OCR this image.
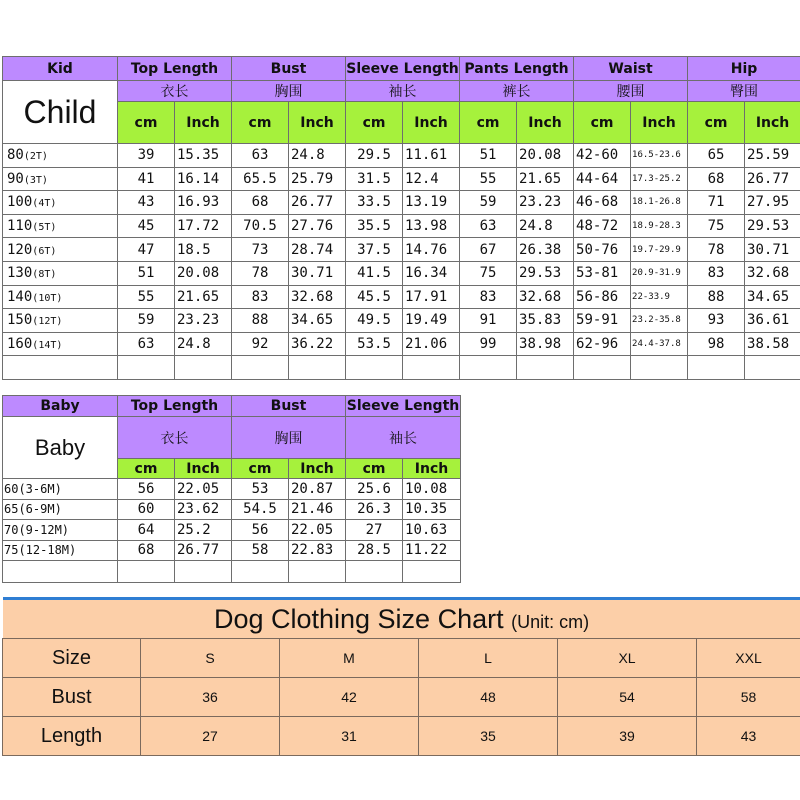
Kid	Top Length		Bust		Sleeve Length		Pants Length		Waist		Hip	
Child	衣长		胸围		袖长		裤长		腰围		臀围	
	cm	Inch	cm	Inch	cm	Inch	cm	Inch	cm	Inch	cm	Inch
80(2T)	39	15.35	63	24.8	29.5	11.61	51	20.08	42-60	16.5-23.6	65	25.59
90(3T)	41	16.14	65.5	25.79	31.5	12.4	55	21.65	44-64	17.3-25.2	68	26.77
100(4T)	43	16.93	68	26.77	33.5	13.19	59	23.23	46-68	18.1-26.8	71	27.95
110(5T)	45	17.72	70.5	27.76	35.5	13.98	63	24.8	48-72	18.9-28.3	75	29.53
120(6T)	47	18.5	73	28.74	37.5	14.76	67	26.38	50-76	19.7-29.9	78	30.71
130(8T)	51	20.08	78	30.71	41.5	16.34	75	29.53	53-81	20.9-31.9	83	32.68
140(10T)	55	21.65	83	32.68	45.5	17.91	83	32.68	56-86	22-33.9	88	34.65
150(12T)	59	23.23	88	34.65	49.5	19.49	91	35.83	59-91	23.2-35.8	93	36.61
160(14T)	63	24.8	92	36.22	53.5	21.06	99	38.98	62-96	24.4-37.8	98	38.58

Baby	Top Length		Bust		Sleeve Length	
Baby	衣长		胸围		袖长	
	cm	Inch	cm	Inch	cm	Inch
60(3-6M)	56	22.05	53	20.87	25.6	10.08
65(6-9M)	60	23.62	54.5	21.46	26.3	10.35
70(9-12M)	64	25.2	56	22.05	27	10.63
75(12-18M)	68	26.77	58	22.83	28.5	11.22

Dog Clothing Size Chart (Unit: cm)					
Size	S	M	L	XL	XXL
Bust	36	42	48	54	58
Length	27	31	35	39	43
